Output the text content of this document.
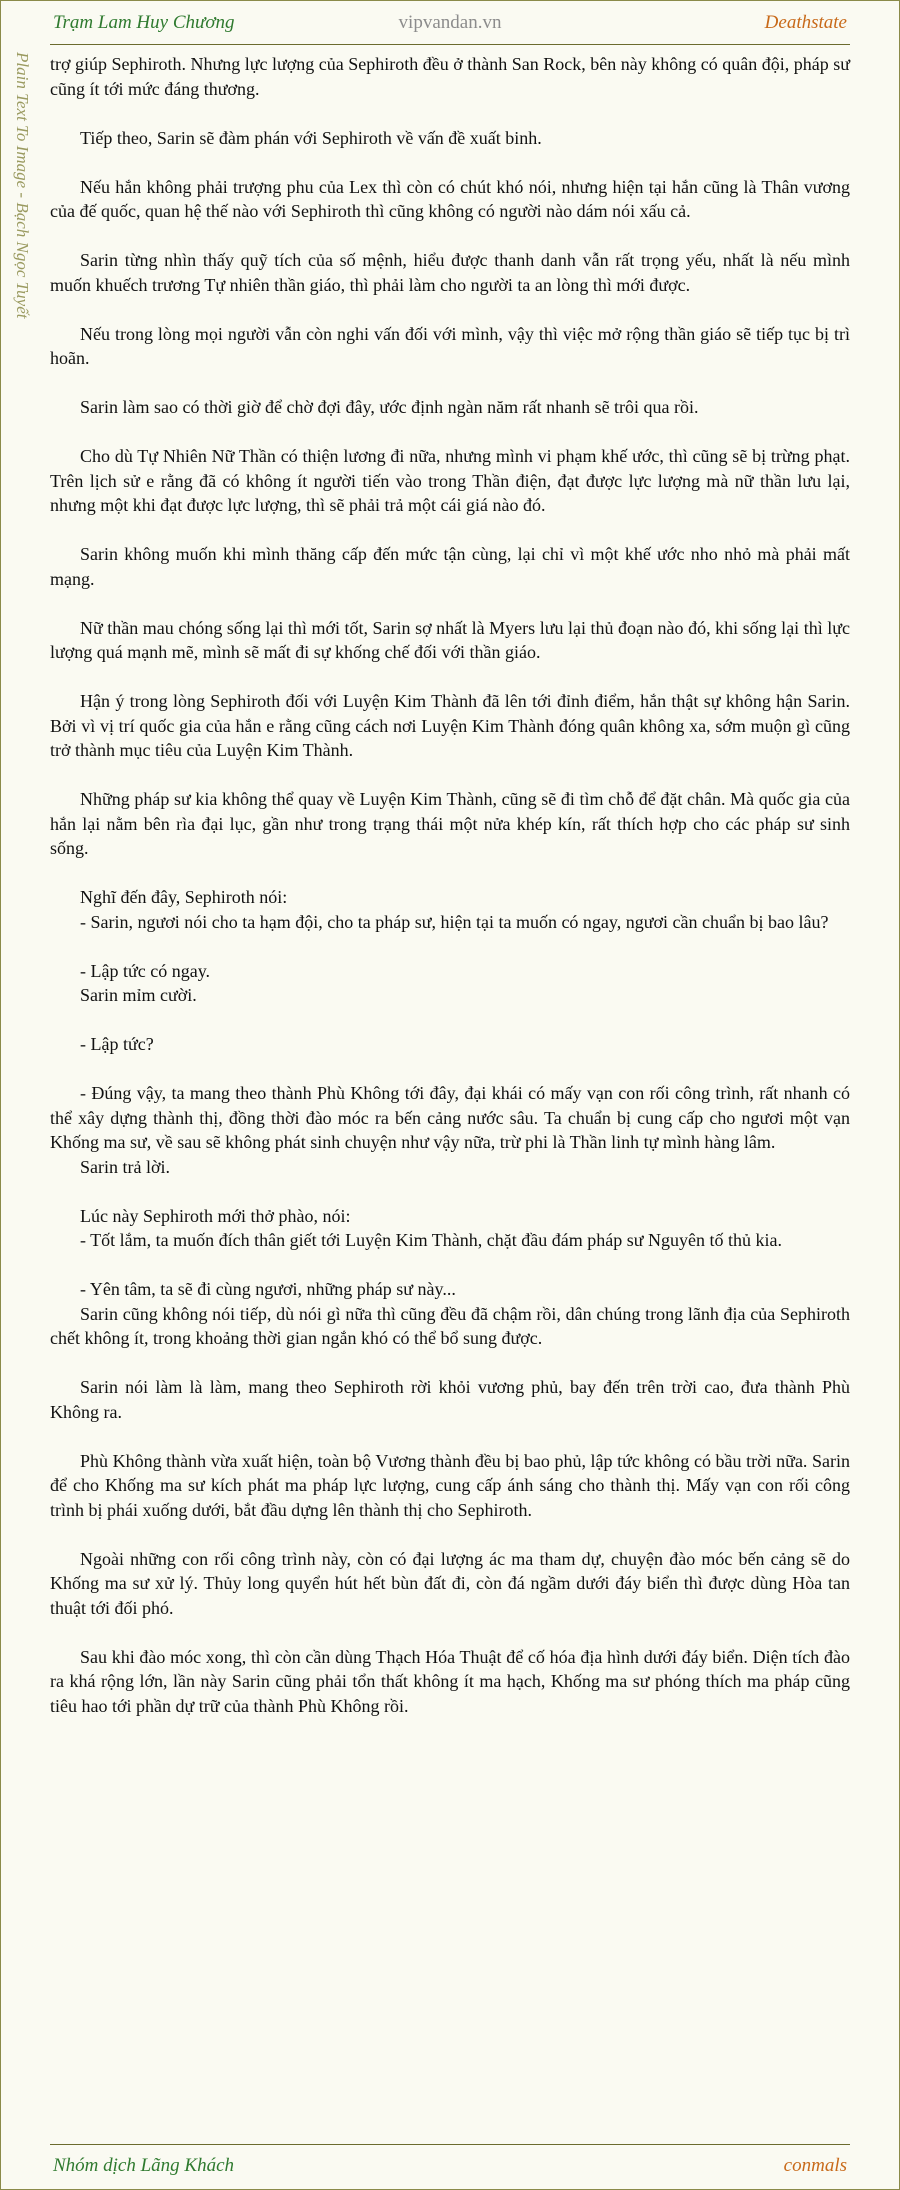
Trạm Lam Huy Chương	vipvandan.vn	Deathstate
Plain Text To Image - Bạch Ngọc Tuyết trợ giúp Sephiroth. Nhưng lực lượng của Sephiroth đều ở thành San Rock, bên này không có quân đội, pháp sư cũng ít tới mức đáng thương.

Tiếp theo, Sarin sẽ đàm phán với Sephiroth về vấn đề xuất binh.

Nếu hắn không phải trượng phu của Lex thì còn có chút khó nói, nhưng hiện tại hắn cũng là Thân vương của đế quốc, quan hệ thế nào với Sephiroth thì cũng không có người nào dám nói xấu cả.

Sarin từng nhìn thấy quỹ tích của số mệnh, hiểu được thanh danh vẫn rất trọng yếu, nhất là nếu mình muốn khuếch trương Tự nhiên thần giáo, thì phải làm cho người ta an lòng thì mới được.

Nếu trong lòng mọi người vẫn còn nghi vấn đối với mình, vậy thì việc mở rộng thần giáo sẽ tiếp tục bị trì hoãn.

Sarin làm sao có thời giờ để chờ đợi đây, ước định ngàn năm rất nhanh sẽ trôi qua rồi.

Cho dù Tự Nhiên Nữ Thần có thiện lương đi nữa, nhưng mình vi phạm khế ước, thì cũng sẽ bị trừng phạt. Trên lịch sử e rằng đã có không ít người tiến vào trong Thần điện, đạt được lực lượng mà nữ thần lưu lại, nhưng một khi đạt được lực lượng, thì sẽ phải trả một cái giá nào đó.

Sarin không muốn khi mình thăng cấp đến mức tận cùng, lại chỉ vì một khế ước nho nhỏ mà phải mất mạng.

Nữ thần mau chóng sống lại thì mới tốt, Sarin sợ nhất là Myers lưu lại thủ đoạn nào đó, khi sống lại thì lực lượng quá mạnh mẽ, mình sẽ mất đi sự khống chế đối với thần giáo.

Hận ý trong lòng Sephiroth đối với Luyện Kim Thành đã lên tới đỉnh điểm, hắn thật sự không hận Sarin. Bởi vì vị trí quốc gia của hắn e rằng cũng cách nơi Luyện Kim Thành đóng quân không xa, sớm muộn gì cũng trở thành mục tiêu của Luyện Kim Thành.

Những pháp sư kia không thể quay về Luyện Kim Thành, cũng sẽ đi tìm chỗ để đặt chân. Mà quốc gia của hắn lại nằm bên rìa đại lục, gần như trong trạng thái một nửa khép kín, rất thích hợp cho các pháp sư sinh sống.

Nghĩ đến đây, Sephiroth nói:
- Sarin, ngươi nói cho ta hạm đội, cho ta pháp sư, hiện tại ta muốn có ngay, ngươi cần chuẩn bị bao lâu?

- Lập tức có ngay.
Sarin mỉm cười.

- Lập tức?

- Đúng vậy, ta mang theo thành Phù Không tới đây, đại khái có mấy vạn con rối công trình, rất nhanh có thể xây dựng thành thị, đồng thời đào móc ra bến cảng nước sâu. Ta chuẩn bị cung cấp cho ngươi một vạn Khống ma sư, về sau sẽ không phát sinh chuyện như vậy nữa, trừ phi là Thần linh tự mình hàng lâm.
Sarin trả lời.

Lúc này Sephiroth mới thở phào, nói:
- Tốt lắm, ta muốn đích thân giết tới Luyện Kim Thành, chặt đầu đám pháp sư Nguyên tố thủ kia.

- Yên tâm, ta sẽ đi cùng ngươi, những pháp sư này...
Sarin cũng không nói tiếp, dù nói gì nữa thì cũng đều đã chậm rồi, dân chúng trong lãnh địa của Sephiroth chết không ít, trong khoảng thời gian ngắn khó có thể bổ sung được.

Sarin nói làm là làm, mang theo Sephiroth rời khỏi vương phủ, bay đến trên trời cao, đưa thành Phù Không ra.

Phù Không thành vừa xuất hiện, toàn bộ Vương thành đều bị bao phủ, lập tức không có bầu trời nữa. Sarin để cho Khống ma sư kích phát ma pháp lực lượng, cung cấp ánh sáng cho thành thị. Mấy vạn con rối công trình bị phái xuống dưới, bắt đầu dựng lên thành thị cho Sephiroth.

Ngoài những con rối công trình này, còn có đại lượng ác ma tham dự, chuyện đào móc bến cảng sẽ do Khống ma sư xử lý. Thủy long quyển hút hết bùn đất đi, còn đá ngầm dưới đáy biển thì được dùng Hòa tan thuật tới đối phó.

Sau khi đào móc xong, thì còn cần dùng Thạch Hóa Thuật để cố hóa địa hình dưới đáy biển. Diện tích đào ra khá rộng lớn, lần này Sarin cũng phải tổn thất không ít ma hạch, Khống ma sư phóng thích ma pháp cũng tiêu hao tới phần dự trữ của thành Phù Không rồi.

Nhóm dịch Lãng Khách	conmals
